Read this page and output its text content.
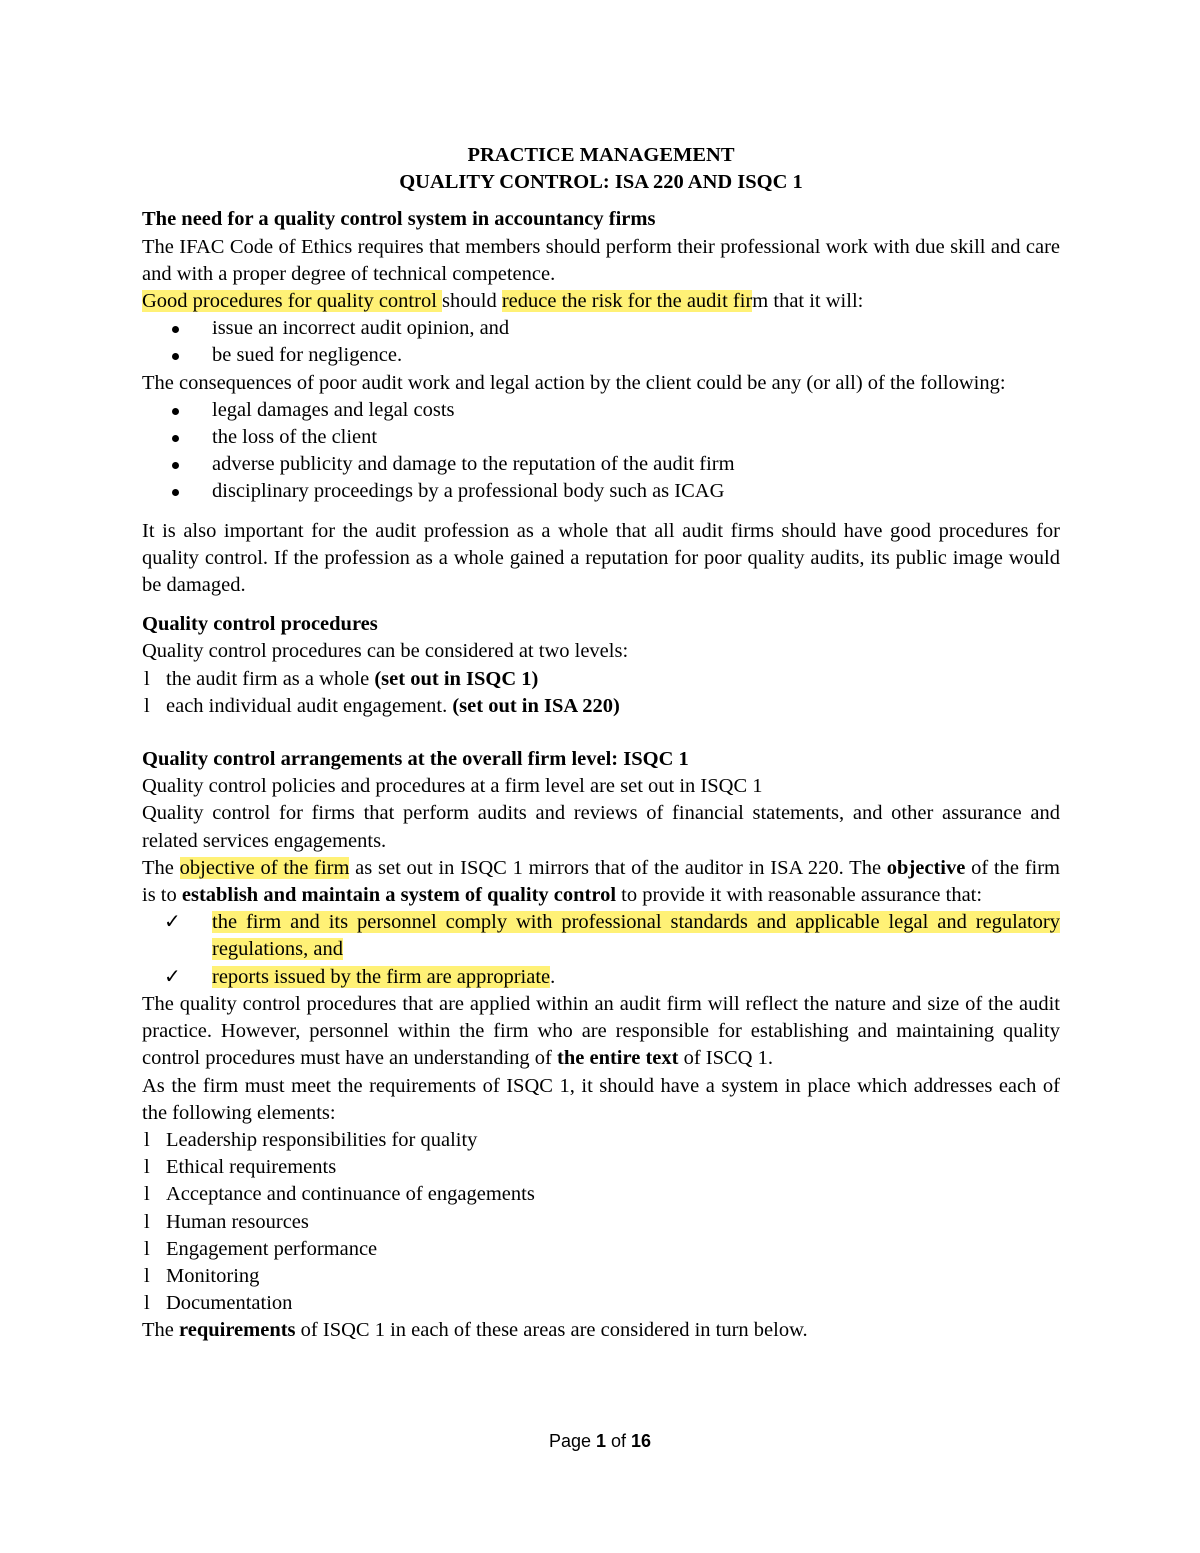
PRACTICE MANAGEMENT
QUALITY CONTROL: ISA 220 AND ISQC 1
The need for a quality control system in accountancy firms
The IFAC Code of Ethics requires that members should perform their professional work with due skill and care and with a proper degree of technical competence.
Good procedures for quality control should reduce the risk for the audit firm that it will:
issue an incorrect audit opinion, and
be sued for negligence.
The consequences of poor audit work and legal action by the client could be any (or all) of the following:
legal damages and legal costs
the loss of the client
adverse publicity and damage to the reputation of the audit firm
disciplinary proceedings by a professional body such as ICAG
It is also important for the audit profession as a whole that all audit firms should have good procedures for quality control. If the profession as a whole gained a reputation for poor quality audits, its public image would be damaged.
Quality control procedures
Quality control procedures can be considered at two levels:
l the audit firm as a whole (set out in ISQC 1)
l each individual audit engagement. (set out in ISA 220)
Quality control arrangements at the overall firm level: ISQC 1
Quality control policies and procedures at a firm level are set out in ISQC 1
Quality control for firms that perform audits and reviews of financial statements, and other assurance and related services engagements.
The objective of the firm as set out in ISQC 1 mirrors that of the auditor in ISA 220. The objective of the firm is to establish and maintain a system of quality control to provide it with reasonable assurance that:
✓ the firm and its personnel comply with professional standards and applicable legal and regulatory regulations, and
✓ reports issued by the firm are appropriate.
The quality control procedures that are applied within an audit firm will reflect the nature and size of the audit practice. However, personnel within the firm who are responsible for establishing and maintaining quality control procedures must have an understanding of the entire text of ISCQ 1.
As the firm must meet the requirements of ISQC 1, it should have a system in place which addresses each of the following elements:
l Leadership responsibilities for quality
l Ethical requirements
l Acceptance and continuance of engagements
l Human resources
l Engagement performance
l Monitoring
l Documentation
The requirements of ISQC 1 in each of these areas are considered in turn below.
Page 1 of 16
